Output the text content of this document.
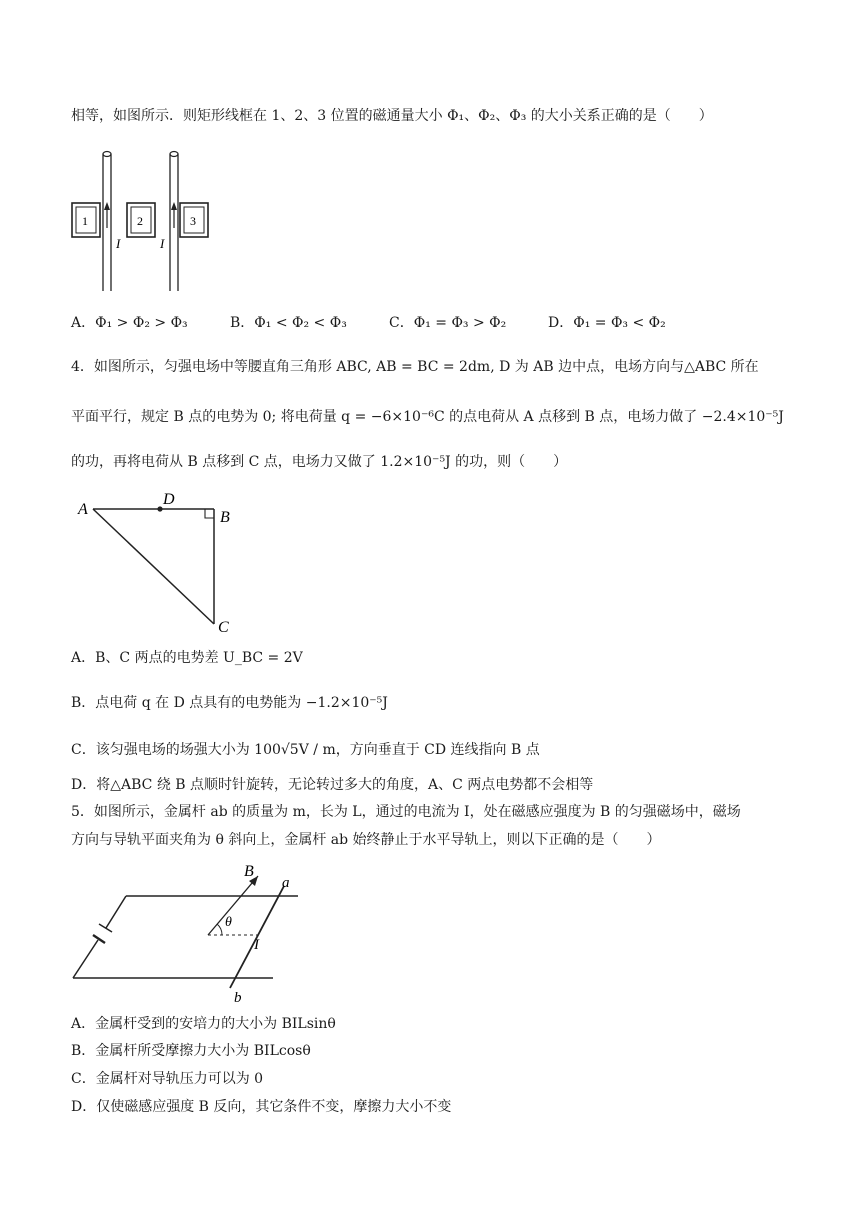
相等，如图所示．则矩形线框在 1、2、3 位置的磁通量大小 Φ₁、Φ₂、Φ₃ 的大小关系正确的是（　　）
1	2	3
I	I
A．Φ₁ > Φ₂ > Φ₃	B．Φ₁ < Φ₂ < Φ₃	C．Φ₁ = Φ₃ > Φ₂	D．Φ₁ = Φ₃ < Φ₂
4．如图所示，匀强电场中等腰直角三角形 ABC, AB = BC = 2dm, D 为 AB 边中点，电场方向与△ABC 所在
平面平行，规定 B 点的电势为 0; 将电荷量 q = −6×10⁻⁶C 的点电荷从 A 点移到 B 点，电场力做了 −2.4×10⁻⁵J
的功，再将电荷从 B 点移到 C 点，电场力又做了 1.2×10⁻⁵J 的功，则（　　）
A
D
B
C
A．B、C 两点的电势差 U_BC = 2V
B．点电荷 q 在 D 点具有的电势能为 −1.2×10⁻⁵J
C．该匀强电场的场强大小为 100√5V / m，方向垂直于 CD 连线指向 B 点
D．将△ABC 绕 B 点顺时针旋转，无论转过多大的角度，A、C 两点电势都不会相等
5．如图所示，金属杆 ab 的质量为 m，长为 L，通过的电流为 I，处在磁感应强度为 B 的匀强磁场中，磁场
方向与导轨平面夹角为 θ 斜向上，金属杆 ab 始终静止于水平导轨上，则以下正确的是（　　）
B
a
θ
I
b
A．金属杆受到的安培力的大小为 BILsinθ
B．金属杆所受摩擦力大小为 BILcosθ
C．金属杆对导轨压力可以为 0
D．仅使磁感应强度 B 反向，其它条件不变，摩擦力大小不变
